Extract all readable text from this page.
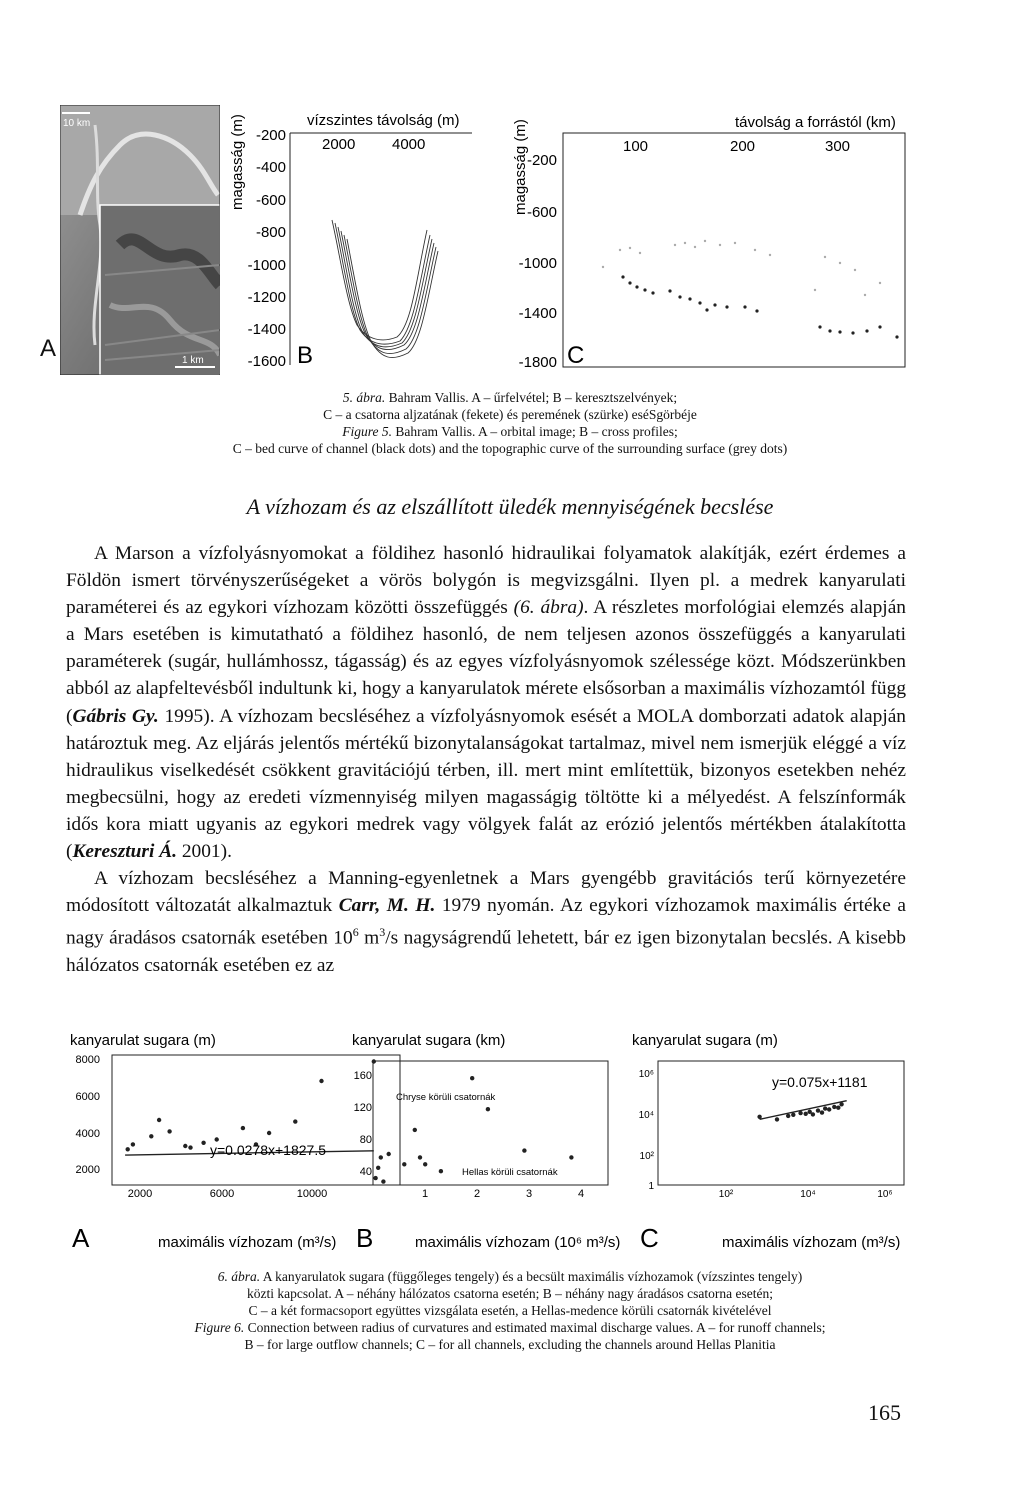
10 km
1 km
A
magasság (m)	vízszintes távolság (m)
2000 4000
-200
-400
-600
-800
-1000
-1200
-1400
-1600 B
magasság (m)	távolság a forrástól (km)
100	200	300
-200
-600
-1000
-1400
-1800 C
5. ábra. Bahram Vallis. A – űrfelvétel; B – keresztszelvények;
C – a csatorna aljzatának (fekete) és peremének (szürke) eséSgörbéje
Figure 5. Bahram Vallis. A – orbital image; B – cross profiles;
C – bed curve of channel (black dots) and the topographic curve of the surrounding surface (grey dots)
A vízhozam és az elszállított üledék mennyiségének becslése

A Marson a vízfolyásnyomokat a földihez hasonló hidraulikai folyamatok alakítják, ezért érdemes a Földön ismert törvényszerűségeket a vörös bolygón is megvizsgálni. Ilyen pl. a medrek kanyarulati paraméterei és az egykori vízhozam közötti összefüggés (6. ábra). A részletes morfológiai elemzés alapján a Mars esetében is kimutatható a földihez hasonló, de nem teljesen azonos összefüggés a kanyarulati paraméterek (sugár, hullámhossz, tágasság) és az egyes vízfolyásnyomok szélessége közt. Módszerünkben abból az alapfeltevésből indultunk ki, hogy a kanyarulatok mérete elsősorban a maximális vízhozamtól függ (Gábris Gy. 1995). A vízhozam becsléséhez a vízfolyásnyomok esését a MOLA domborzati adatok alapján határoztuk meg. Az eljárás jelentős mértékű bizonytalanságokat tartalmaz, mivel nem ismerjük eléggé a víz hidraulikus viselkedését csökkent gravitációjú térben, ill. mert mint említettük, bizonyos esetekben nehéz megbecsülni, hogy az eredeti vízmennyiség milyen magasságig töltötte ki a mélyedést. A felszínformák idős kora miatt ugyanis az egykori medrek vagy völgyek falát az erózió jelentős mértékben átalakította (Kereszturi Á. 2001).

A vízhozam becsléséhez a Manning-egyenletnek a Mars gyengébb gravitációs terű környezetére módosított változatát alkalmaztuk Carr, M. H. 1979 nyomán. Az egykori vízhozamok maximális értéke a nagy áradásos csatornák esetében $10^6$ $m^3/s$ nagyságrendű lehetett, bár ez igen bizonytalan becslés. A kisebb hálózatos csatornák esetében ez az

kanyarulat sugara (m)
8000
6000
4000
2000
2000	6000	10000
y=0.0278x+1827.5
A	maximális vízhozam (m³/s)
kanyarulat sugara (km)
160
120
80
40
1	2	3	4
Chryse körüli csatornák
Hellas körüli csatornák
B	maximális vízhozam (10⁶ m³/s)
kanyarulat sugara (m)
10⁶
10⁴
10²
1
10²	10⁴	10⁶
y=0.075x+1181
C	maximális vízhozam (m³/s)
6. ábra. A kanyarulatok sugara (függőleges tengely) és a becsült maximális vízhozamok (vízszintes tengely)
közti kapcsolat. A – néhány hálózatos csatorna esetén; B – néhány nagy áradásos csatorna esetén;
C – a két formacsoport együttes vizsgálata esetén, a Hellas-medence körüli csatornák kivételével
Figure 6. Connection between radius of curvatures and estimated maximal discharge values. A – for runoff channels;
B – for large outflow channels; C – for all channels, excluding the channels around Hellas Planitia
165
